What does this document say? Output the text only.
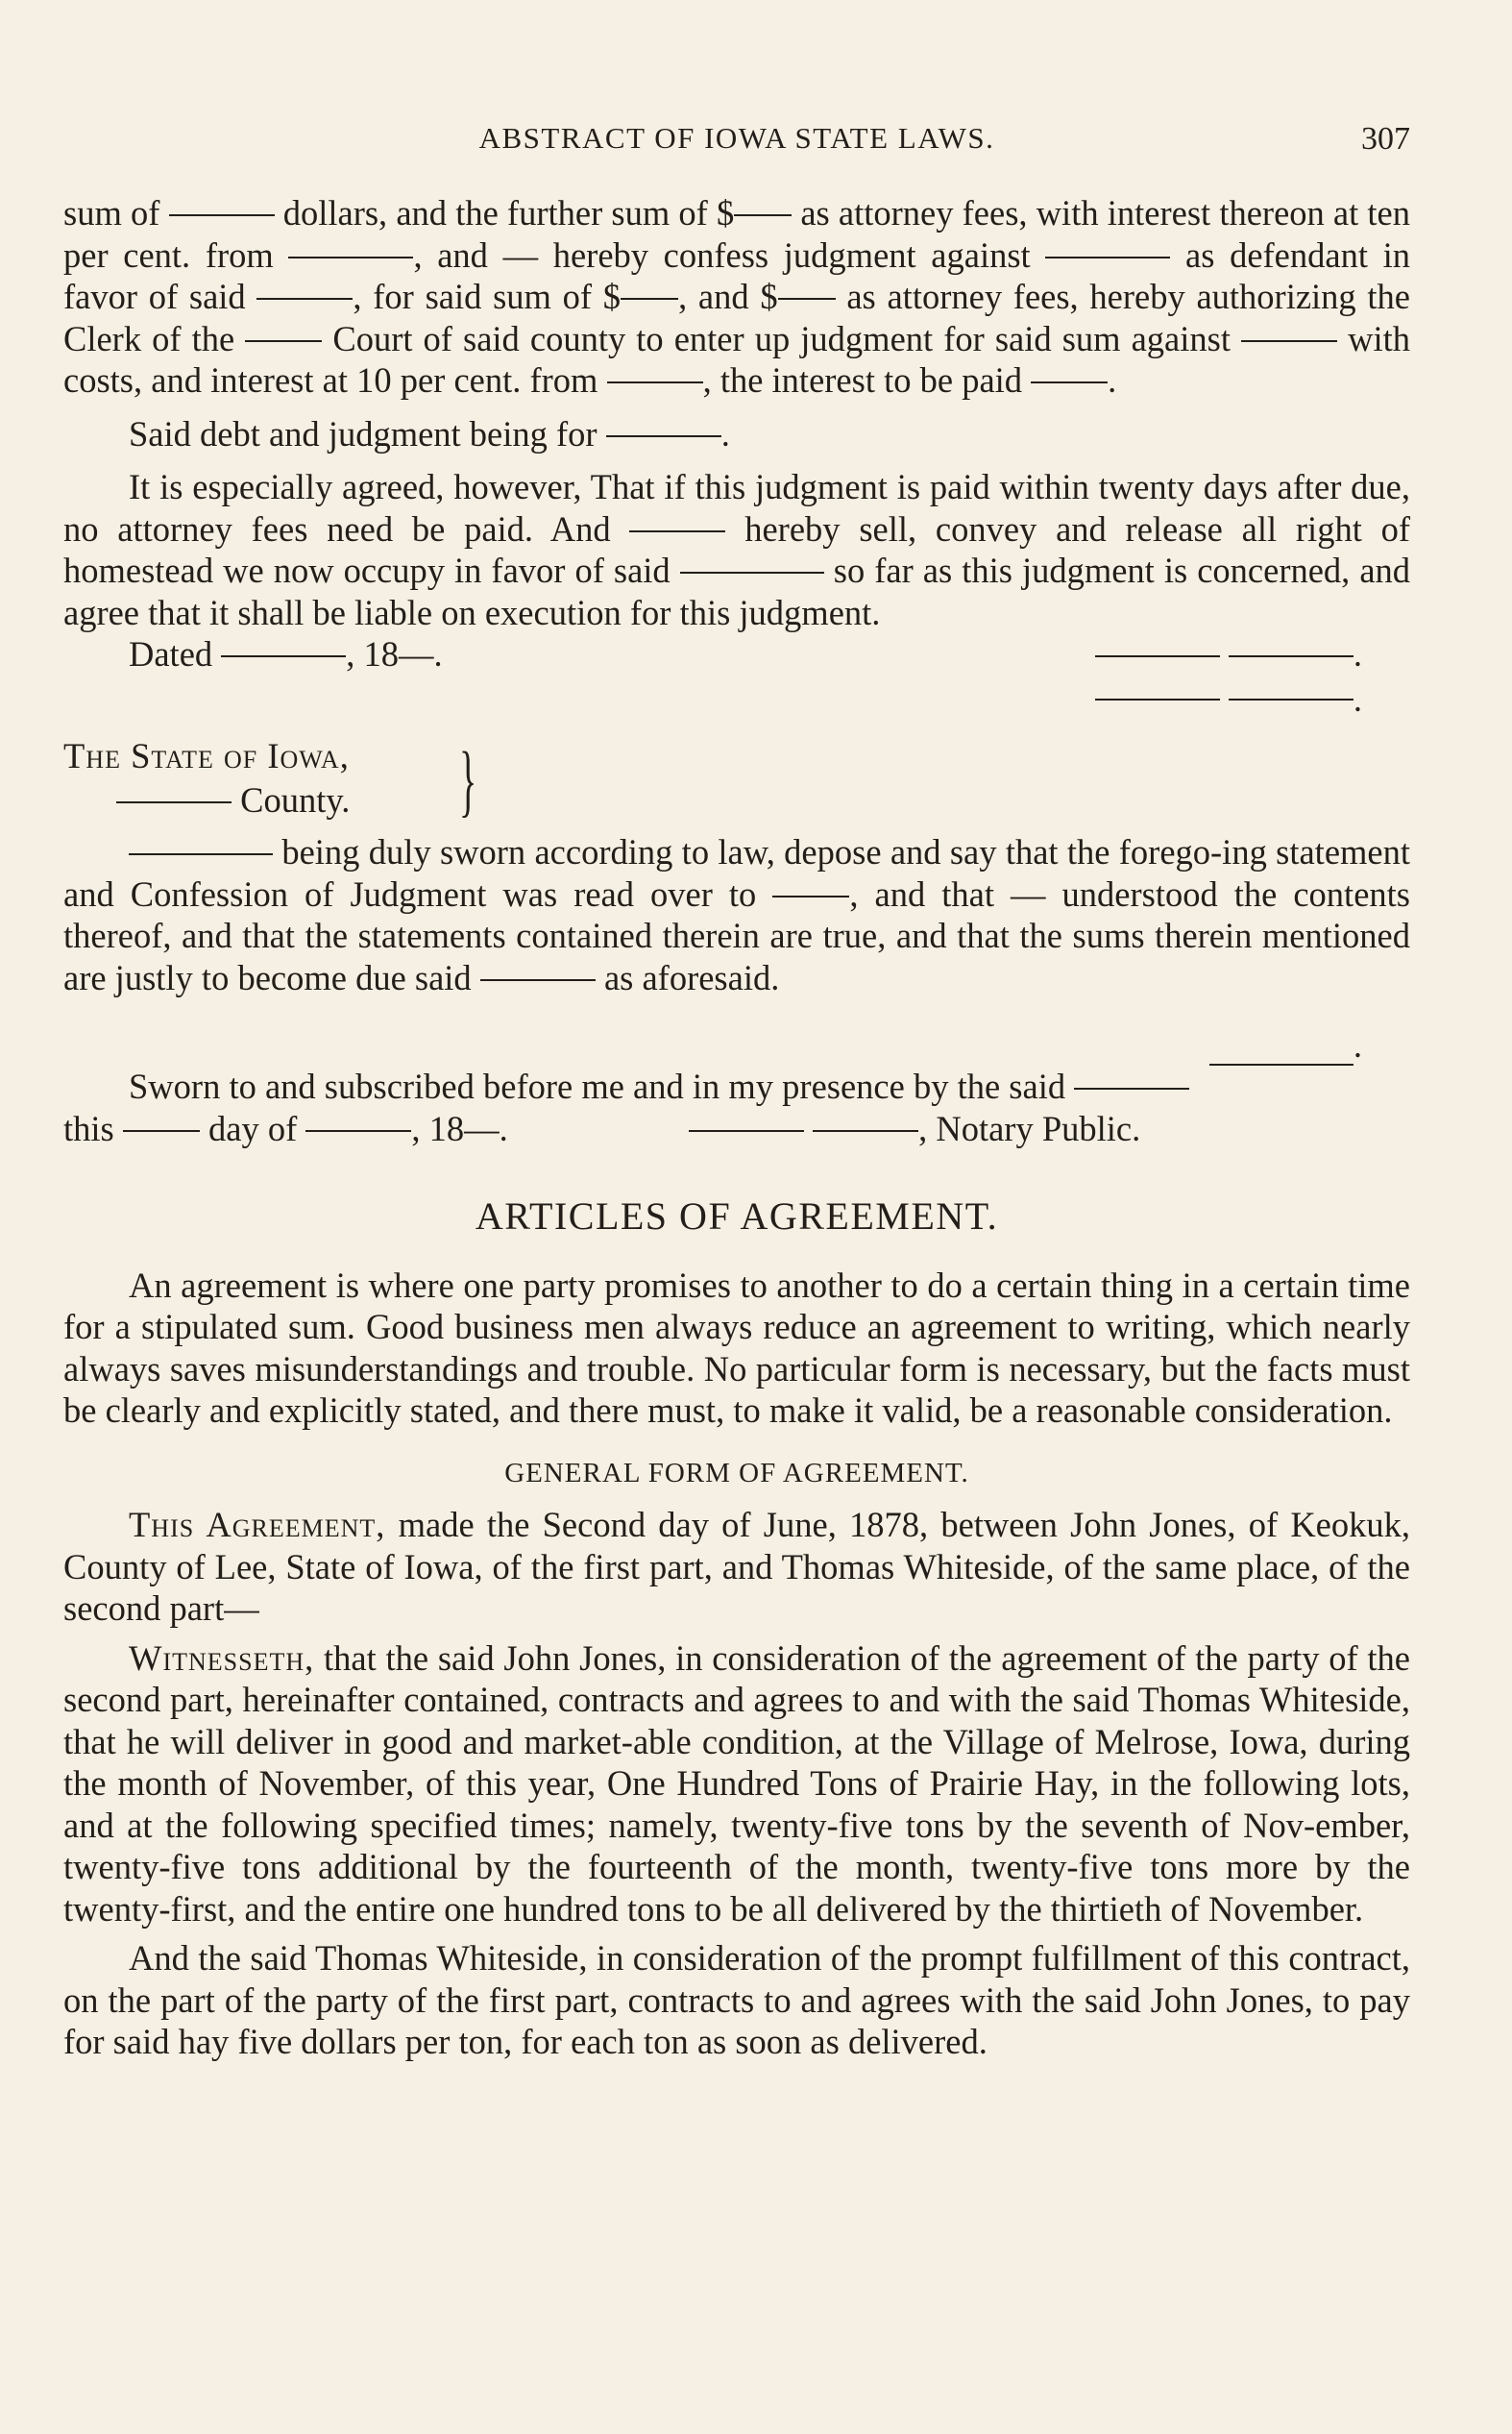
ABSTRACT OF IOWA STATE LAWS.	307

sum of	dollars, and the further sum of $ as attorney fees, with interest thereon at ten per cent. from	, and — hereby confess judgment against	as defendant in favor of said	, for said sum of $ , and $ as attorney fees, hereby authorizing the Clerk of the	Court of said county to enter up judgment for said sum against	with costs, and interest at 10 per cent. from	, the interest to be paid .

Said debt and judgment being for	.

It is especially agreed, however, That if this judgment is paid within twenty days after due, no attorney fees need be paid. And	hereby sell, convey and release all right of homestead we now occupy in favor of said	so far as this judgment is concerned, and agree that it shall be liable on execution for this judgment.

Dated	, 18—.	.

.
The State of Iowa,
County. }

being duly sworn according to law, depose and say that the forego-ing statement and Confession of Judgment was read over to	, and that — understood the contents thereof, and that the statements contained therein are true, and that the sums therein mentioned are justly to become due said	as aforesaid.

.

Sworn to and subscribed before me and in my presence by the said

this	day of	, 18—.	, Notary Public.

ARTICLES OF AGREEMENT.

An agreement is where one party promises to another to do a certain thing in a certain time for a stipulated sum. Good business men always reduce an agreement to writing, which nearly always saves misunderstandings and trouble. No particular form is necessary, but the facts must be clearly and explicitly stated, and there must, to make it valid, be a reasonable consideration.

GENERAL FORM OF AGREEMENT.

This Agreement, made the Second day of June, 1878, between John Jones, of Keokuk, County of Lee, State of Iowa, of the first part, and Thomas Whiteside, of the same place, of the second part—

Witnesseth, that the said John Jones, in consideration of the agreement of the party of the second part, hereinafter contained, contracts and agrees to and with the said Thomas Whiteside, that he will deliver in good and market-able condition, at the Village of Melrose, Iowa, during the month of November, of this year, One Hundred Tons of Prairie Hay, in the following lots, and at the following specified times; namely, twenty-five tons by the seventh of Nov-ember, twenty-five tons additional by the fourteenth of the month, twenty-five tons more by the twenty-first, and the entire one hundred tons to be all delivered by the thirtieth of November.

And the said Thomas Whiteside, in consideration of the prompt fulfillment of this contract, on the part of the party of the first part, contracts to and agrees with the said John Jones, to pay for said hay five dollars per ton, for each ton as soon as delivered.
